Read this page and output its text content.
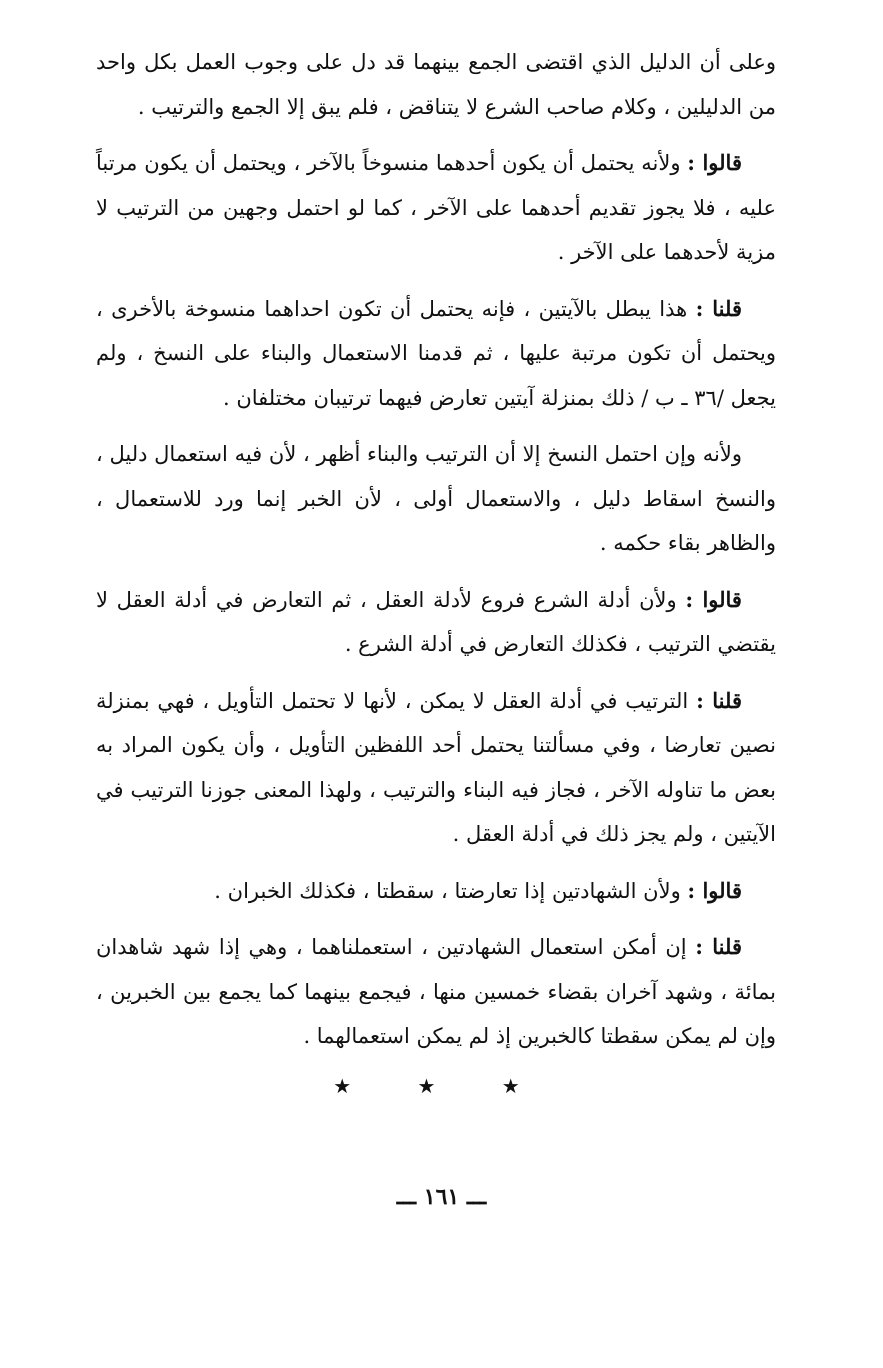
وعلى أن الدليل الذي اقتضى الجمع بينهما قد دل على وجوب العمل بكل واحد من الدليلين ، وكلام صاحب الشرع لا يتناقض ، فلم يبق إلا الجمع والترتيب .

قالوا : ولأنه يحتمل أن يكون أحدهما منسوخاً بالآخر ، ويحتمل أن يكون مرتباً عليه ، فلا يجوز تقديم أحدهما على الآخر ، كما لو احتمل وجهين من الترتيب لا مزية لأحدهما على الآخر .

قلنا : هذا يبطل بالآيتين ، فإنه يحتمل أن تكون احداهما منسوخة بالأخرى ، ويحتمل أن تكون مرتبة عليها ، ثم قدمنا الاستعمال والبناء على النسخ ، ولم يجعل /٣٦ ـ ب / ذلك بمنزلة آيتين تعارض فيهما ترتيبان مختلفان .

ولأنه وإن احتمل النسخ إلا أن الترتيب والبناء أظهر ، لأن فيه استعمال دليل ، والنسخ اسقاط دليل ، والاستعمال أولى ، لأن الخبر إنما ورد للاستعمال ، والظاهر بقاء حكمه .

قالوا : ولأن أدلة الشرع فروع لأدلة العقل ، ثم التعارض في أدلة العقل لا يقتضي الترتيب ، فكذلك التعارض في أدلة الشرع .

قلنا : الترتيب في أدلة العقل لا يمكن ، لأنها لا تحتمل التأويل ، فهي بمنزلة نصين تعارضا ، وفي مسألتنا يحتمل أحد اللفظين التأويل ، وأن يكون المراد به بعض ما تناوله الآخر ، فجاز فيه البناء والترتيب ، ولهذا المعنى جوزنا الترتيب في الآيتين ، ولم يجز ذلك في أدلة العقل .

قالوا : ولأن الشهادتين إذا تعارضتا ، سقطتا ، فكذلك الخبران .

قلنا : إن أمكن استعمال الشهادتين ، استعملناهما ، وهي إذا شهد شاهدان بمائة ، وشهد آخران بقضاء خمسين منها ، فيجمع بينهما كما يجمع بين الخبرين ، وإن لم يمكن سقطتا كالخبرين إذ لم يمكن استعمالهما .

★ ★ ★
ـــ ١٦١ ـــ
